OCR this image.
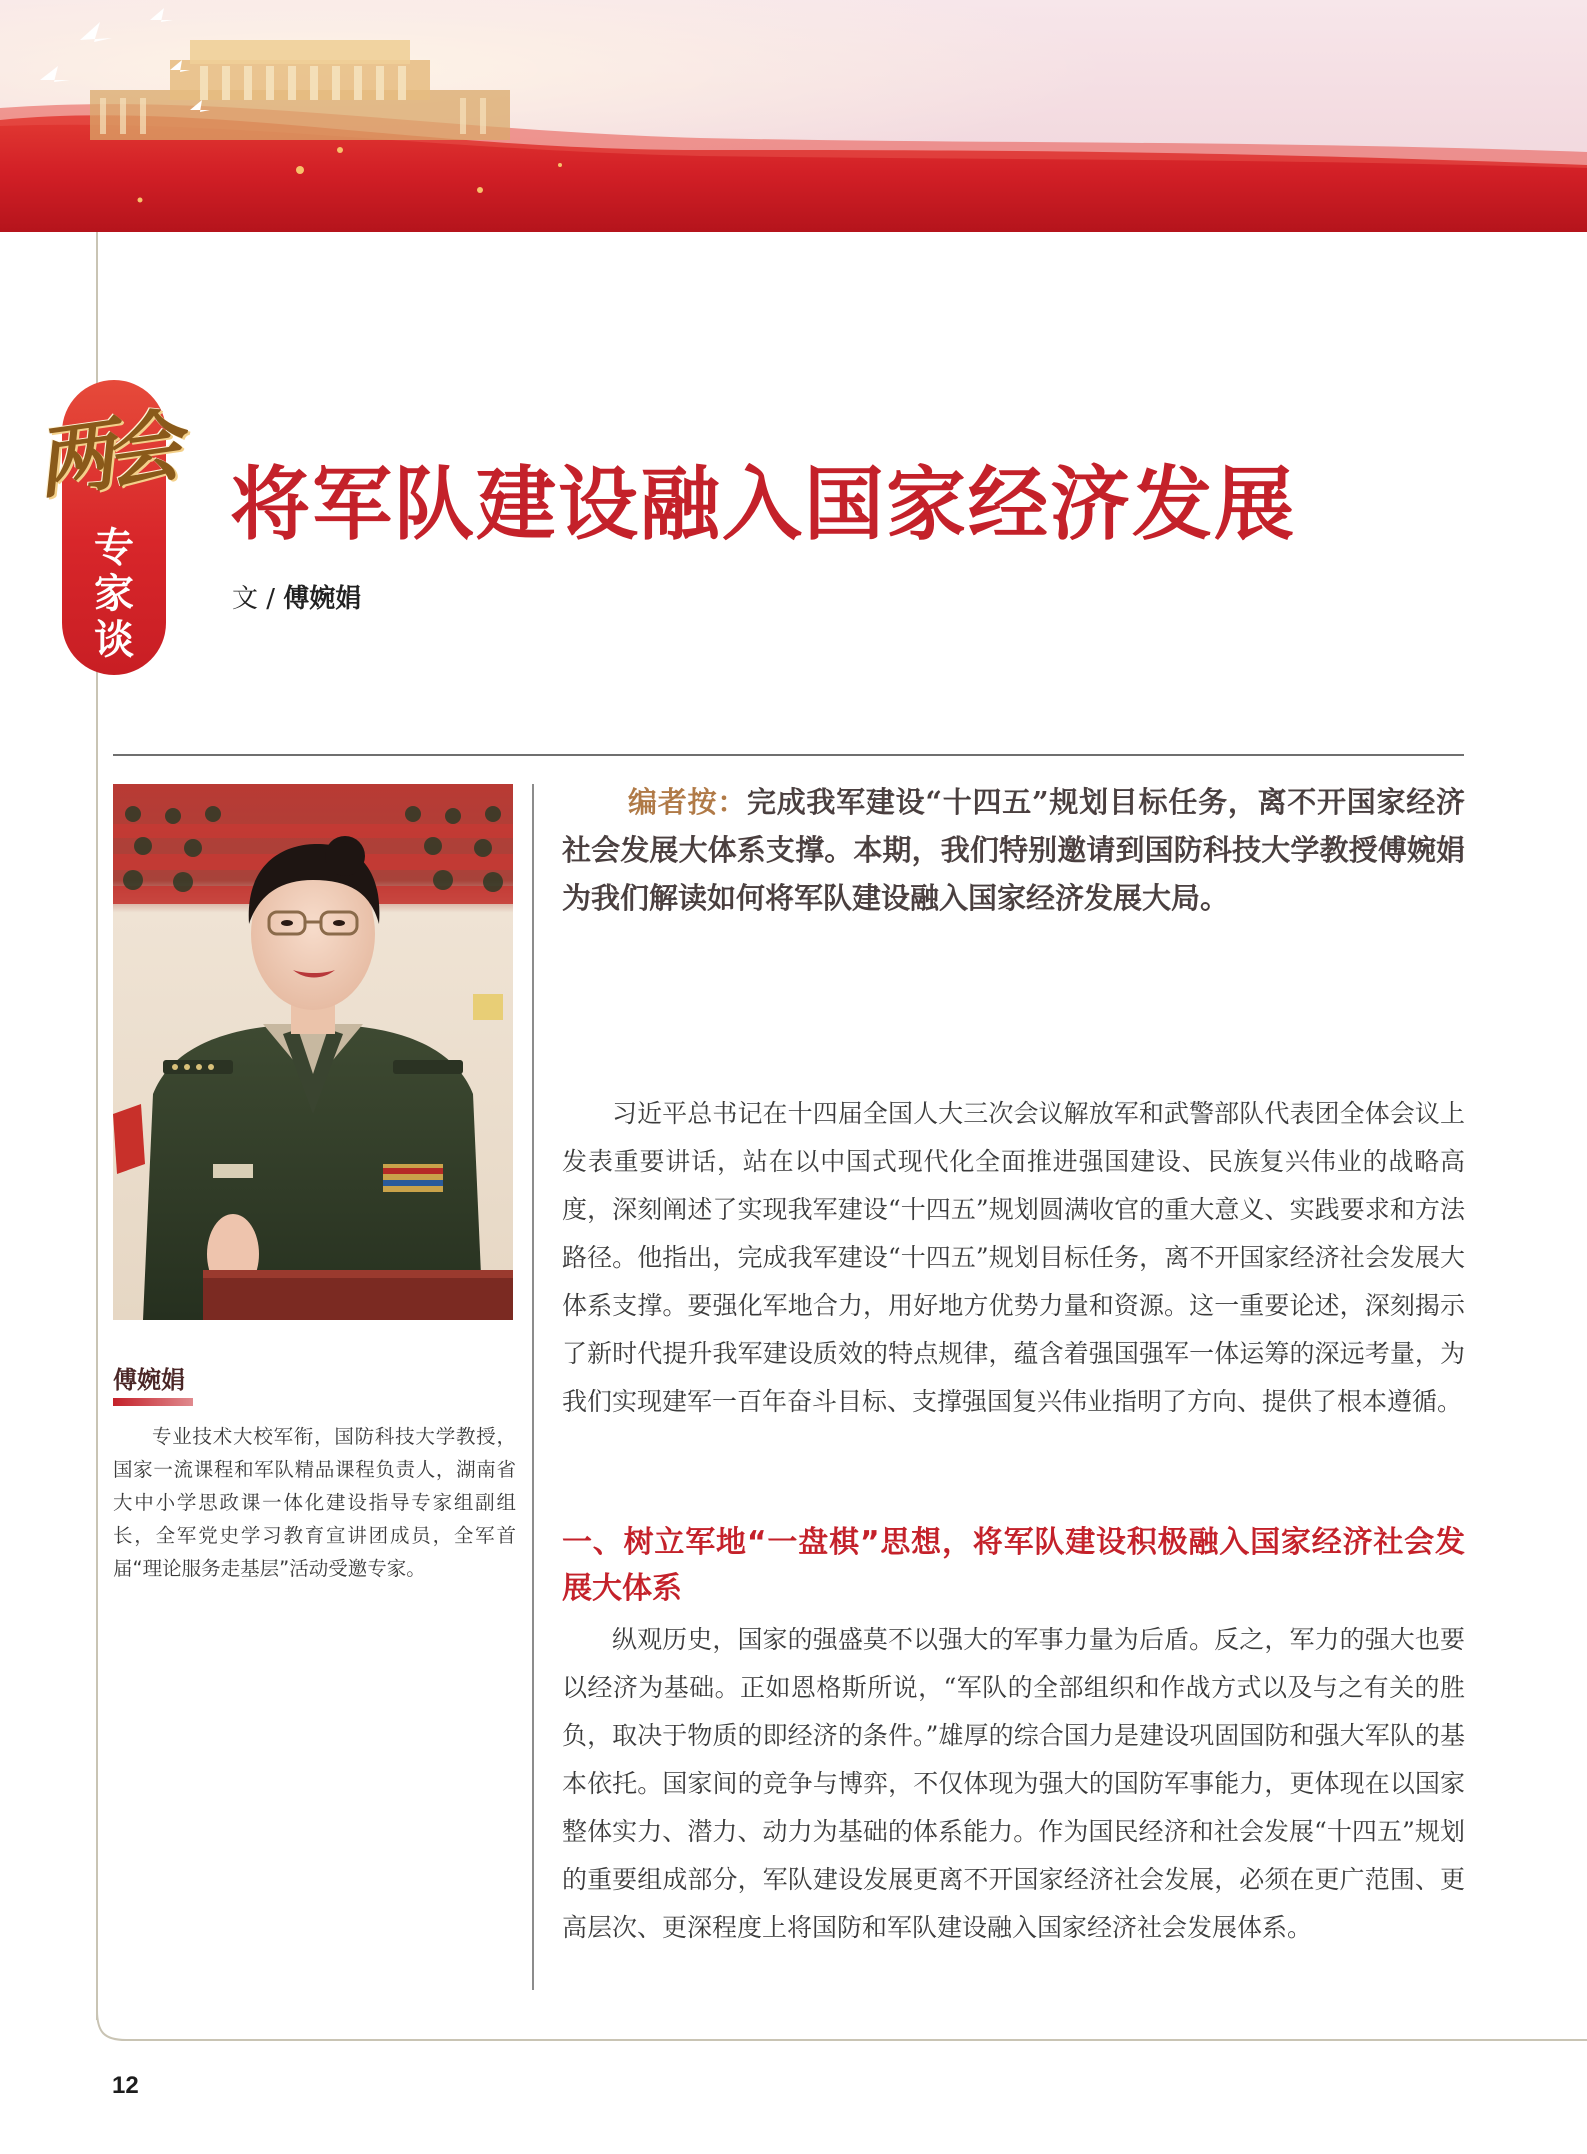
12
两会
专
家
谈
将军队建设融入国家经济发展
文 / 傅婉娟
傅婉娟
专业技术大校军衔，国防科技大学教授，国家一流课程和军队精品课程负责人，湖南省大中小学思政课一体化建设指导专家组副组长，全军党史学习教育宣讲团成员，全军首届“理论服务走基层”活动受邀专家。
编者按：完成我军建设“十四五”规划目标任务，离不开国家经济社会发展大体系支撑。本期，我们特别邀请到国防科技大学教授傅婉娟为我们解读如何将军队建设融入国家经济发展大局。

习近平总书记在十四届全国人大三次会议解放军和武警部队代表团全体会议上发表重要讲话，站在以中国式现代化全面推进强国建设、民族复兴伟业的战略高度，深刻阐述了实现我军建设“十四五”规划圆满收官的重大意义、实践要求和方法路径。他指出，完成我军建设“十四五”规划目标任务，离不开国家经济社会发展大体系支撑。要强化军地合力，用好地方优势力量和资源。这一重要论述，深刻揭示了新时代提升我军建设质效的特点规律，蕴含着强国强军一体运筹的深远考量，为我们实现建军一百年奋斗目标、支撑强国复兴伟业指明了方向、提供了根本遵循。

一、树立军地“一盘棋”思想，将军队建设积极融入国家经济社会发展大体系

纵观历史，国家的强盛莫不以强大的军事力量为后盾。反之，军力的强大也要以经济为基础。正如恩格斯所说，“军队的全部组织和作战方式以及与之有关的胜负，取决于物质的即经济的条件。”雄厚的综合国力是建设巩固国防和强大军队的基本依托。国家间的竞争与博弈，不仅体现为强大的国防军事能力，更体现在以国家整体实力、潜力、动力为基础的体系能力。作为国民经济和社会发展“十四五”规划的重要组成部分，军队建设发展更离不开国家经济社会发展，必须在更广范围、更高层次、更深程度上将国防和军队建设融入国家经济社会发展体系。
